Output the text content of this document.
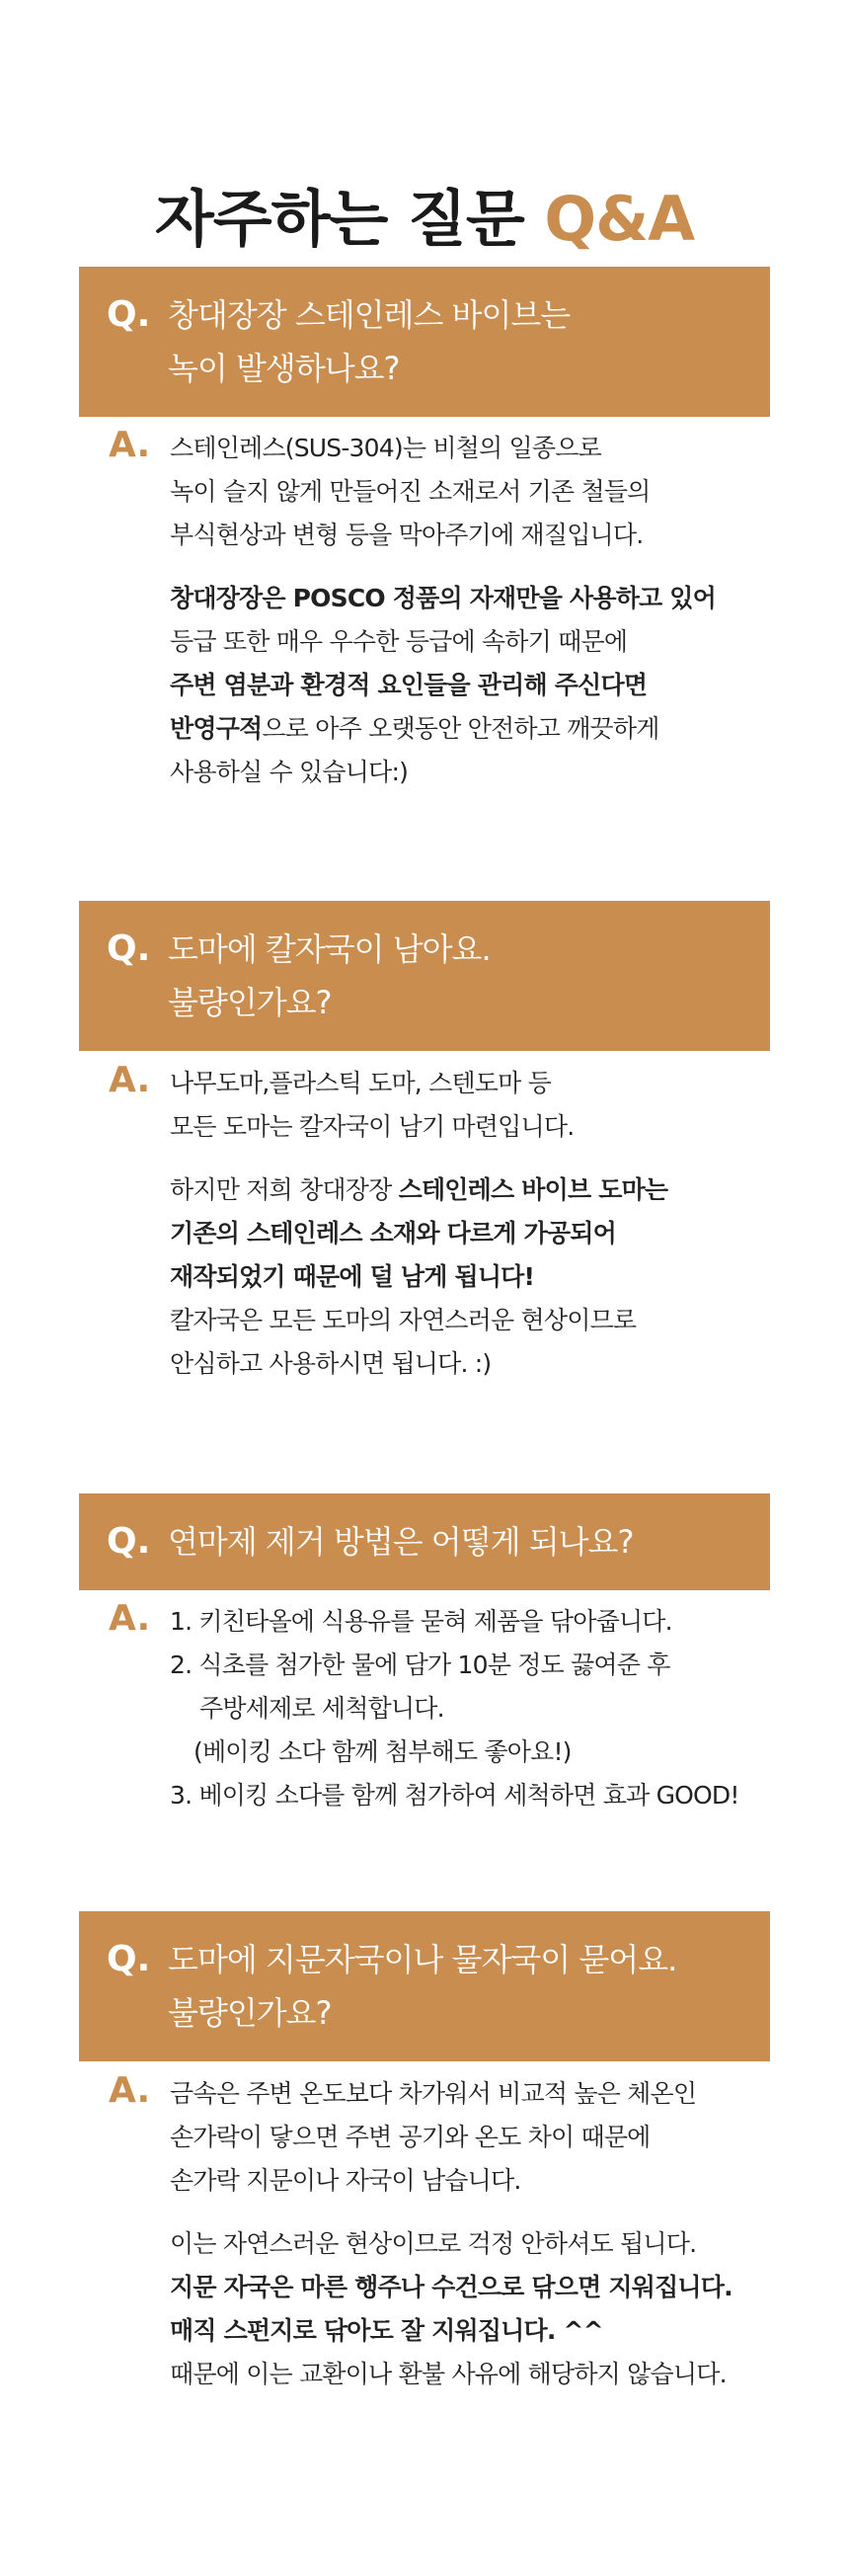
자주하는 질문 Q&A
Q. 창대장장 스테인레스 바이브는
녹이 발생하나요?
A. 스테인레스(SUS-304)는 비철의 일종으로
녹이 슬지 않게 만들어진 소재로서 기존 철들의
부식현상과 변형 등을 막아주기에 재질입니다.
창대장장은 POSCO 정품의 자재만을 사용하고 있어
등급 또한 매우 우수한 등급에 속하기 때문에
주변 염분과 환경적 요인들을 관리해 주신다면
반영구적으로 아주 오랫동안 안전하고 깨끗하게
사용하실 수 있습니다:)
Q. 도마에 칼자국이 남아요.
불량인가요?
A. 나무도마,플라스틱 도마, 스텐도마 등
모든 도마는 칼자국이 남기 마련입니다.
하지만 저희 창대장장 스테인레스 바이브 도마는
기존의 스테인레스 소재와 다르게 가공되어
재작되었기 때문에 덜 남게 됩니다!
칼자국은 모든 도마의 자연스러운 현상이므로
안심하고 사용하시면 됩니다. :)
Q. 연마제 제거 방법은 어떻게 되나요?
A. 1. 키친타올에 식용유를 묻혀 제품을 닦아줍니다.
2. 식초를 첨가한 물에 담가 10분 정도 끓여준 후
주방세제로 세척합니다.
(베이킹 소다 함께 첨부해도 좋아요!)
3. 베이킹 소다를 함께 첨가하여 세척하면 효과 GOOD!
Q. 도마에 지문자국이나 물자국이 묻어요.
불량인가요?
A. 금속은 주변 온도보다 차가워서 비교적 높은 체온인
손가락이 닿으면 주변 공기와 온도 차이 때문에
손가락 지문이나 자국이 남습니다.
이는 자연스러운 현상이므로 걱정 안하셔도 됩니다.
지문 자국은 마른 행주나 수건으로 닦으면 지워집니다.
매직 스펀지로 닦아도 잘 지워집니다. ^^
때문에 이는 교환이나 환불 사유에 해당하지 않습니다.
